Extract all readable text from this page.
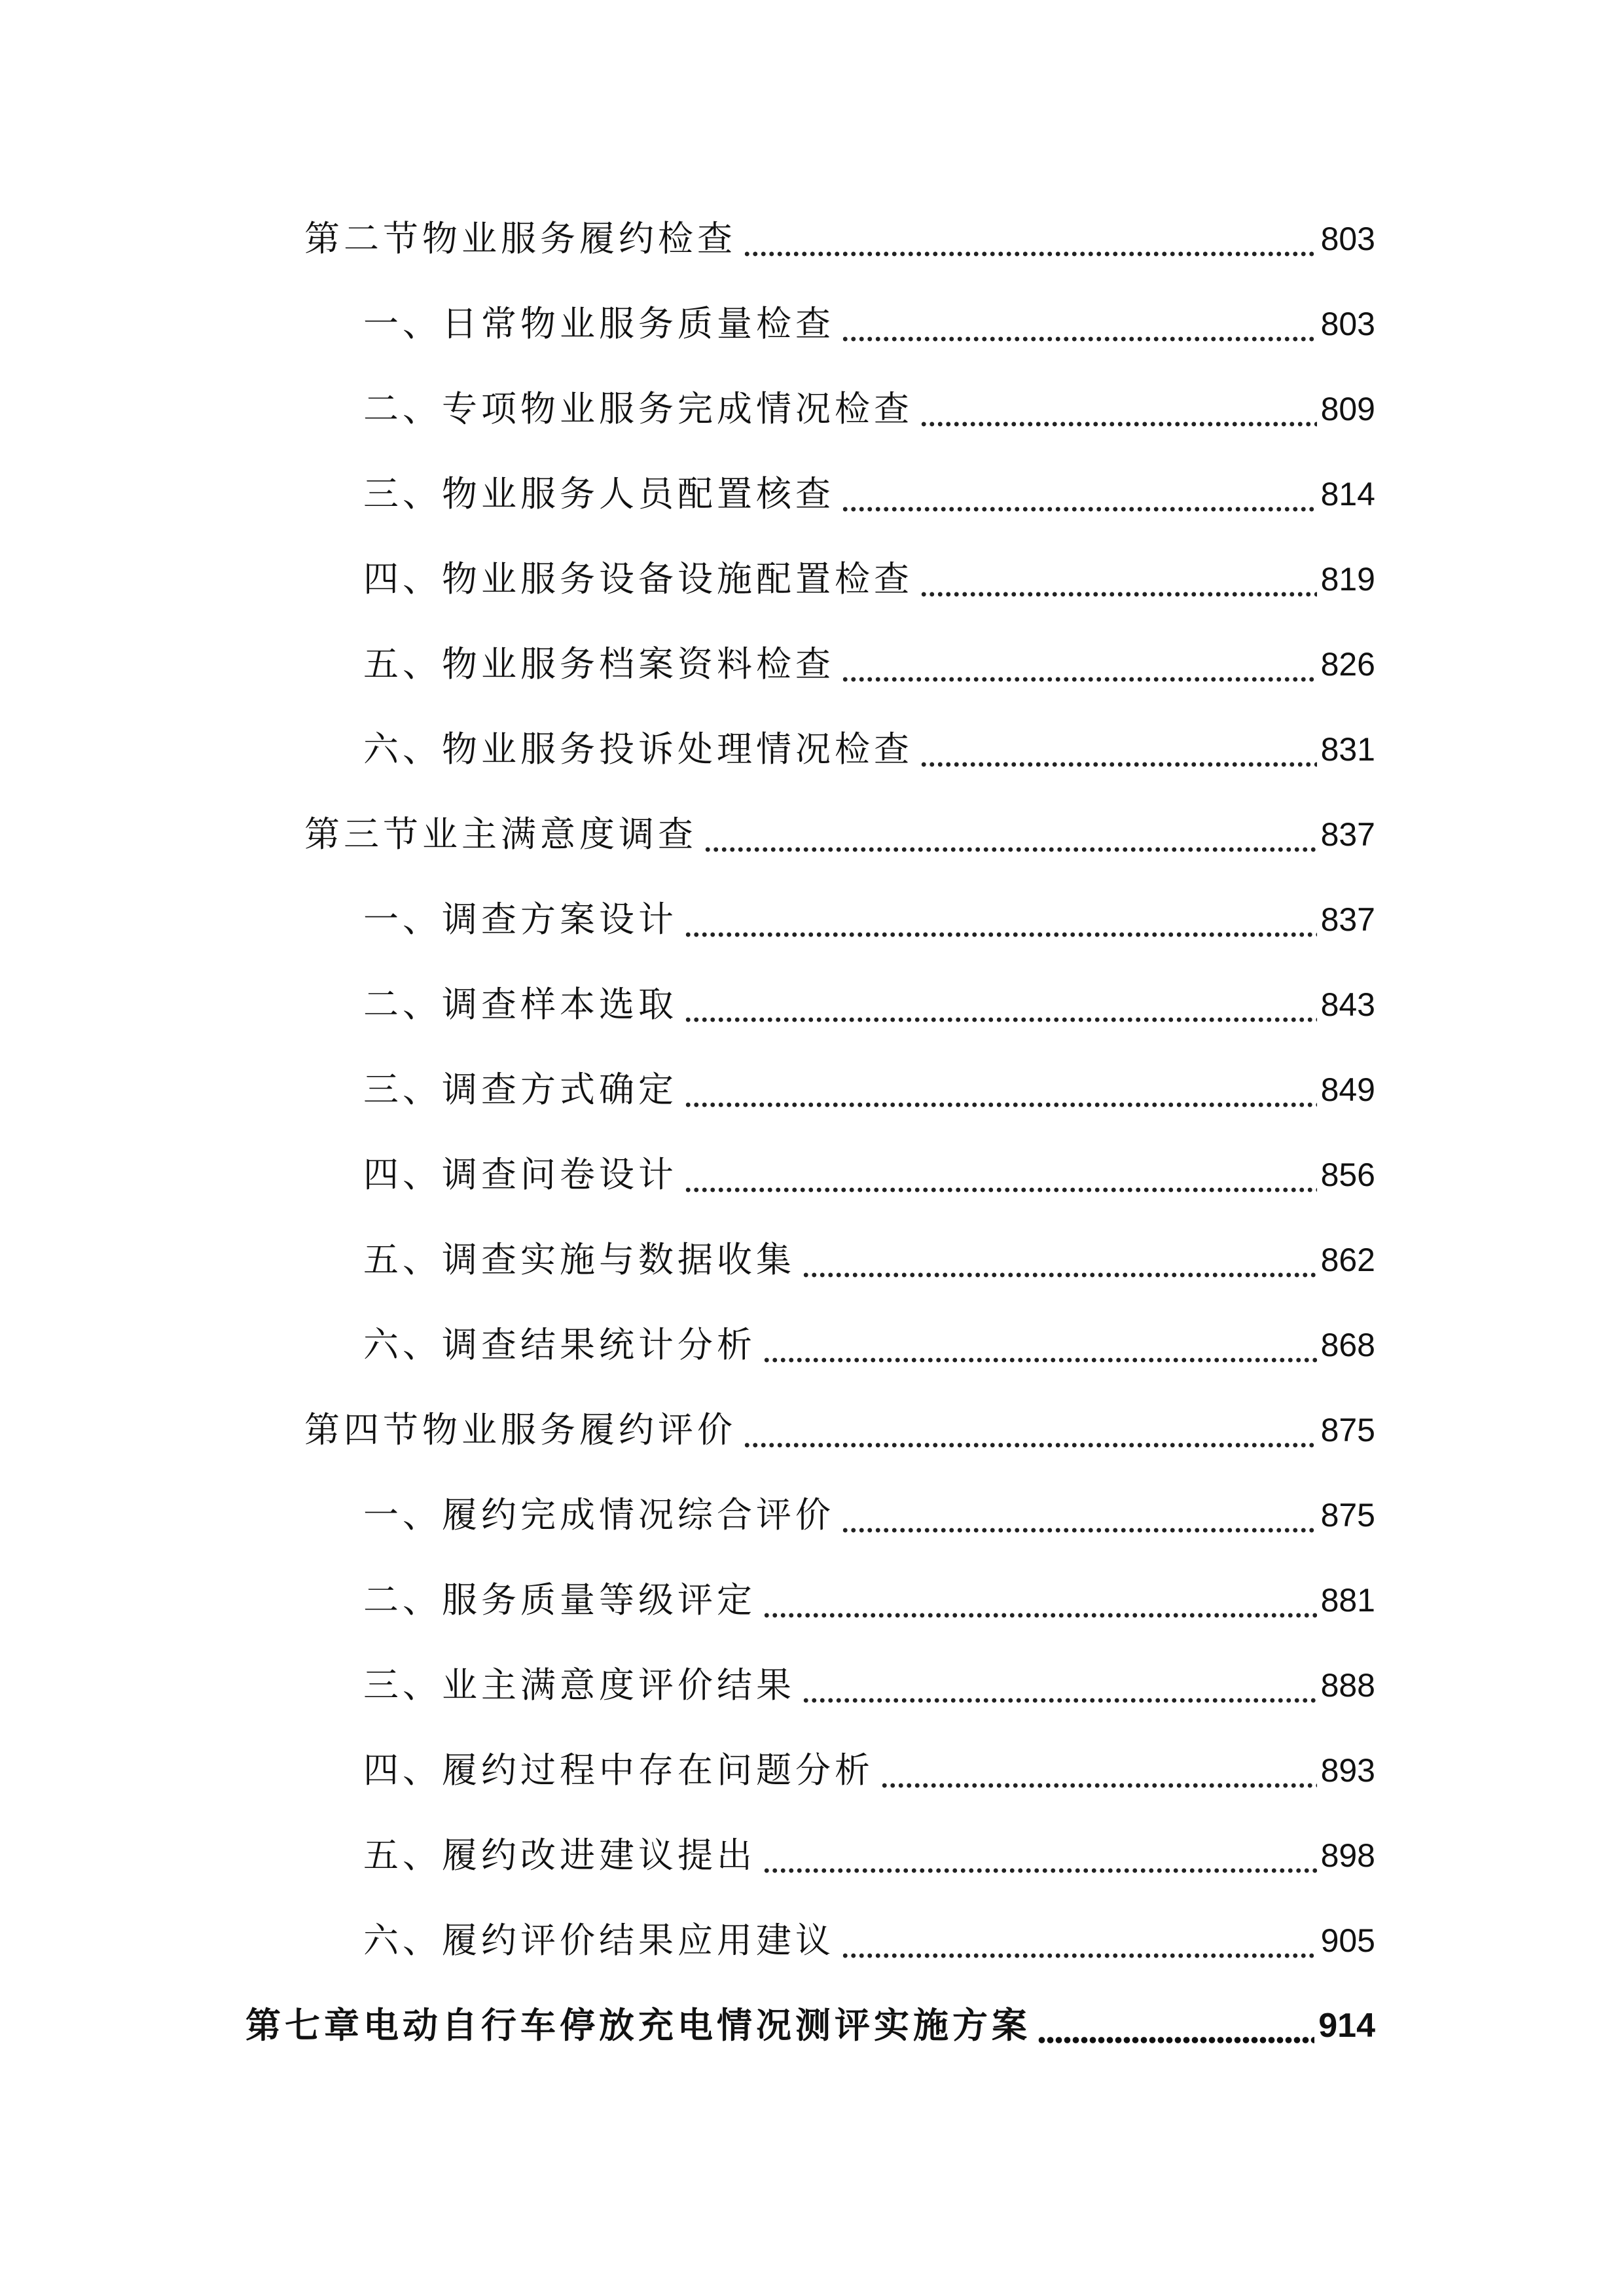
第二节物业服务履约检查	803
一、日常物业服务质量检查	803
二、专项物业服务完成情况检查	809
三、物业服务人员配置核查	814
四、物业服务设备设施配置检查	819
五、物业服务档案资料检查	826
六、物业服务投诉处理情况检查	831
第三节业主满意度调查	837
一、调查方案设计	837
二、调查样本选取	843
三、调查方式确定	849
四、调查问卷设计	856
五、调查实施与数据收集	862
六、调查结果统计分析	868
第四节物业服务履约评价	875
一、履约完成情况综合评价	875
二、服务质量等级评定	881
三、业主满意度评价结果	888
四、履约过程中存在问题分析	893
五、履约改进建议提出	898
六、履约评价结果应用建议	905
第七章电动自行车停放充电情况测评实施方案	914
